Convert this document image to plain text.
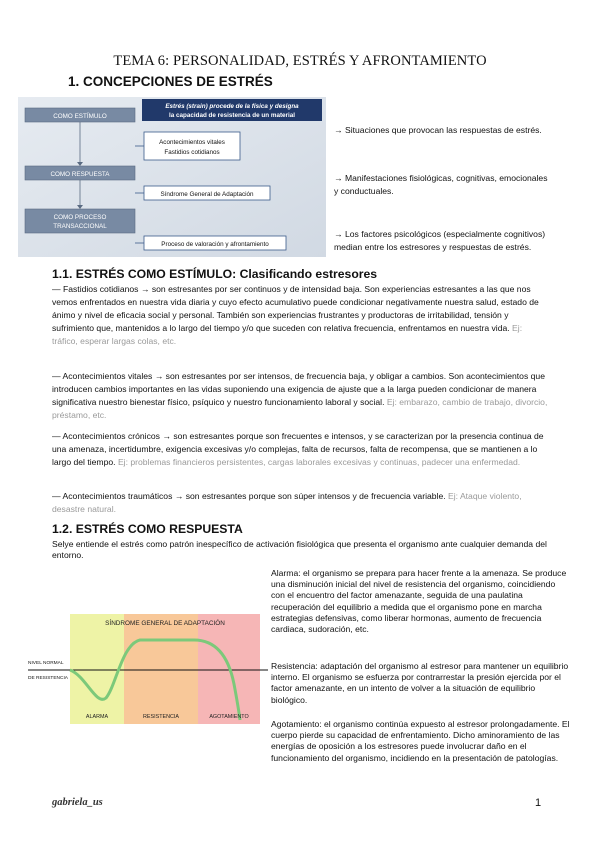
TEMA 6: PERSONALIDAD, ESTRÉS Y AFRONTAMIENTO
1. CONCEPCIONES DE ESTRÉS
Estrés (strain) procede de la física y designa
la capacidad de resistencia de un material
COMO ESTÍMULO
COMO RESPUESTA
COMO PROCESO
TRANSACCIONAL
Acontecimientos vitales
Fastidios cotidianos
Síndrome General de Adaptación
Proceso de valoración y afrontamiento
→ Situaciones que provocan las respuestas de estrés.
→ Manifestaciones fisiológicas, cognitivas, emocionales y conductuales.
→ Los factores psicológicos (especialmente cognitivos) median entre los estresores y respuestas de estrés.
1.1. ESTRÉS COMO ESTÍMULO: Clasificando estresores
— Fastidios cotidianos → son estresantes por ser continuos y de intensidad baja. Son experiencias estresantes a las que nos vemos enfrentados en nuestra vida diaria y cuyo efecto acumulativo puede condicionar negativamente nuestra salud, estado de ánimo y nivel de eficacia social y personal. También son experiencias frustrantes y productoras de irritabilidad, tensión y sufrimiento que, mantenidos a lo largo del tiempo y/o que suceden con relativa frecuencia, enfrentamos en nuestra vida. Ej: tráfico, esperar largas colas, etc.
— Acontecimientos vitales → son estresantes por ser intensos, de frecuencia baja, y obligar a cambios. Son acontecimientos que introducen cambios importantes en las vidas suponiendo una exigencia de ajuste que a la larga pueden condicionar de manera significativa nuestro bienestar físico, psíquico y nuestro funcionamiento laboral y social. Ej: embarazo, cambio de trabajo, divorcio, préstamo, etc.
— Acontecimientos crónicos → son estresantes porque son frecuentes e intensos, y se caracterizan por la presencia continua de una amenaza, incertidumbre, exigencia excesivas y/o complejas, falta de recursos, falta de recompensa, que se mantienen a lo largo del tiempo. Ej: problemas financieros persistentes, cargas laborales excesivas y continuas, padecer una enfermedad.
— Acontecimientos traumáticos → son estresantes porque son súper intensos y de frecuencia variable. Ej: Ataque violento, desastre natural.
1.2. ESTRÉS COMO RESPUESTA
Selye entiende el estrés como patrón inespecífico de activación fisiológica que presenta el organismo ante cualquier demanda del entorno.
SÍNDROME GENERAL DE ADAPTACIÓN
NIVEL NORMAL
DE RESISTENCIA
ALARMA	RESISTENCIA	AGOTAMIENTO
Alarma: el organismo se prepara para hacer frente a la amenaza. Se produce una disminución inicial del nivel de resistencia del organismo, coincidiendo con el encuentro del factor amenazante, seguida de una paulatina recuperación del equilibrio a medida que el organismo pone en marcha estrategias defensivas, como liberar hormonas, aumento de frecuencia cardiaca, sudoración, etc.
Resistencia: adaptación del organismo al estresor para mantener un equilibrio interno. El organismo se esfuerza por contrarrestar la presión ejercida por el factor amenazante, en un intento de volver a la situación de equilibrio biológico.
Agotamiento: el organismo continúa expuesto al estresor prolongadamente. El cuerpo pierde su capacidad de enfrentamiento. Dicho aminoramiento de las energías de oposición a los estresores puede involucrar daño en el funcionamiento del organismo, incidiendo en la presentación de patologías.
gabriela_us	1
